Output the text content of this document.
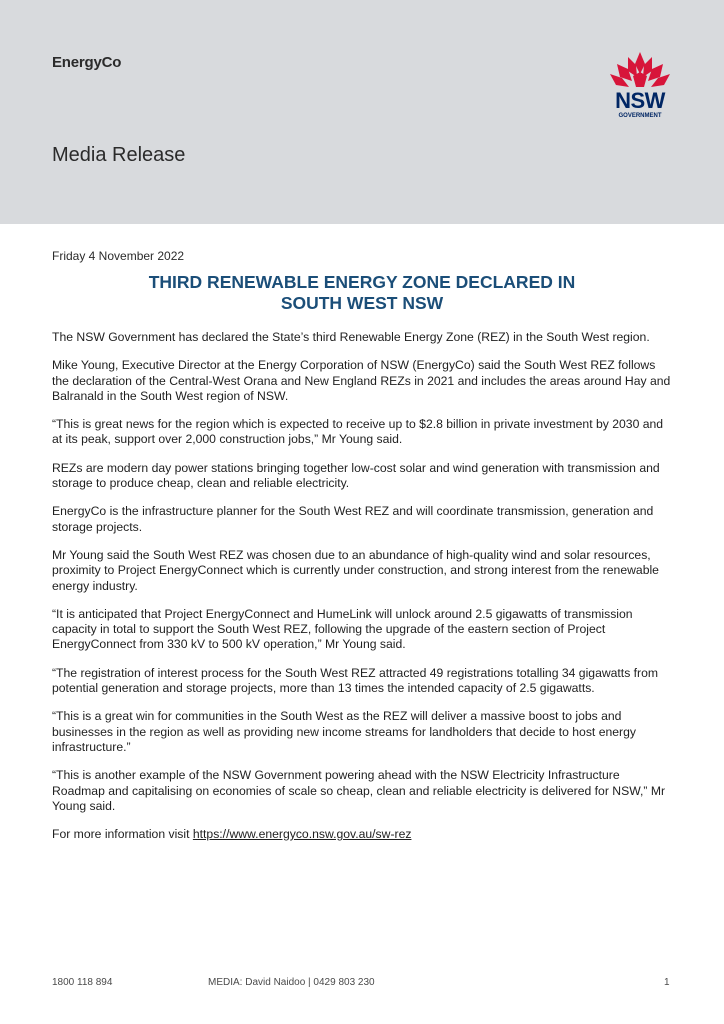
EnergyCo
Media Release
NSW
GOVERNMENT
Friday 4 November 2022
THIRD RENEWABLE ENERGY ZONE DECLARED IN
SOUTH WEST NSW

The NSW Government has declared the State’s third Renewable Energy Zone (REZ) in the South West region.

Mike Young, Executive Director at the Energy Corporation of NSW (EnergyCo) said the South West REZ follows the declaration of the Central-West Orana and New England REZs in 2021 and includes the areas around Hay and Balranald in the South West region of NSW.

“This is great news for the region which is expected to receive up to $2.8 billion in private investment by 2030 and at its peak, support over 2,000 construction jobs,” Mr Young said.

REZs are modern day power stations bringing together low-cost solar and wind generation with transmission and storage to produce cheap, clean and reliable electricity.

EnergyCo is the infrastructure planner for the South West REZ and will coordinate transmission, generation and storage projects.

Mr Young said the South West REZ was chosen due to an abundance of high-quality wind and solar resources, proximity to Project EnergyConnect which is currently under construction, and strong interest from the renewable energy industry.

“It is anticipated that Project EnergyConnect and HumeLink will unlock around 2.5 gigawatts of transmission capacity in total to support the South West REZ, following the upgrade of the eastern section of Project EnergyConnect from 330 kV to 500 kV operation,” Mr Young said.

“The registration of interest process for the South West REZ attracted 49 registrations totalling 34 gigawatts from potential generation and storage projects, more than 13 times the intended capacity of 2.5 gigawatts.

“This is a great win for communities in the South West as the REZ will deliver a massive boost to jobs and businesses in the region as well as providing new income streams for landholders that decide to host energy infrastructure.”

“This is another example of the NSW Government powering ahead with the NSW Electricity Infrastructure Roadmap and capitalising on economies of scale so cheap, clean and reliable electricity is delivered for NSW,” Mr Young said.

For more information visit https://www.energyco.nsw.gov.au/sw-rez

1800 118 894	MEDIA: David Naidoo | 0429 803 230	1
